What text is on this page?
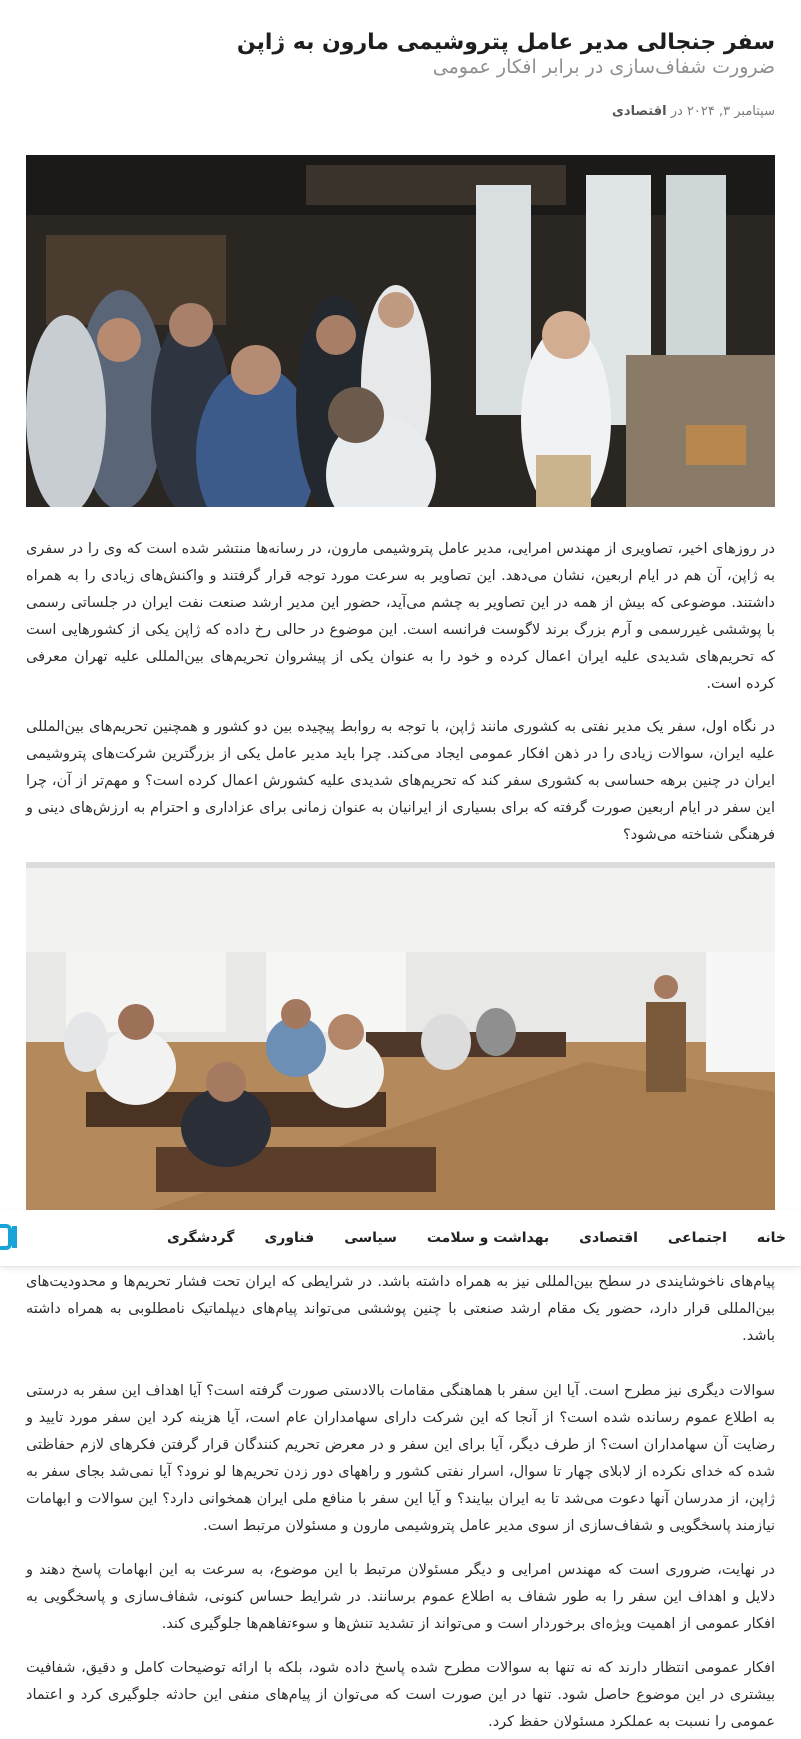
سفر جنجالی مدیر عامل پتروشیمی مارون به ژاپن
ضرورت شفاف‌سازی در برابر افکار عمومی
سپتامبر ۳, ۲۰۲۴ در اقتصادی

در روزهای اخیر، تصاویری از مهندس امرایی، مدیر عامل پتروشیمی مارون، در رسانه‌ها منتشر شده است که وی را در سفری به ژاپن، آن هم در ایام اربعین، نشان می‌دهد. این تصاویر به سرعت مورد توجه قرار گرفتند و واکنش‌های زیادی را به همراه داشتند. موضوعی که بیش از همه در این تصاویر به چشم می‌آید، حضور این مدیر ارشد صنعت نفت ایران در جلساتی رسمی با پوششی غیررسمی و آرم بزرگ برند لاگوست فرانسه است. این موضوع در حالی رخ داده که ژاپن یکی از کشورهایی است که تحریم‌های شدیدی علیه ایران اعمال کرده و خود را به عنوان یکی از پیشروان تحریم‌های بین‌المللی علیه تهران معرفی کرده است.

در نگاه اول، سفر یک مدیر نفتی به کشوری مانند ژاپن، با توجه به روابط پیچیده بین دو کشور و همچنین تحریم‌های بین‌المللی علیه ایران، سوالات زیادی را در ذهن افکار عمومی ایجاد می‌کند. چرا باید مدیر عامل یکی از بزرگترین شرکت‌های پتروشیمی ایران در چنین برهه حساسی به کشوری سفر کند که تحریم‌های شدیدی علیه کشورش اعمال کرده است؟ و مهم‌تر از آن، چرا این سفر در ایام اربعین صورت گرفته که برای بسیاری از ایرانیان به عنوان زمانی برای عزاداری و احترام به ارزش‌های دینی و فرهنگی شناخته می‌شود؟

خانه
اجتماعی
اقتصادی
بهداشت و سلامت
سیاسی
فناوری
گردشگری

پیام‌های ناخوشایندی در سطح بین‌المللی نیز به همراه داشته باشد. در شرایطی که ایران تحت فشار تحریم‌ها و محدودیت‌های بین‌المللی قرار دارد، حضور یک مقام ارشد صنعتی با چنین پوششی می‌تواند پیام‌های دیپلماتیک نامطلوبی به همراه داشته باشد.

سوالات دیگری نیز مطرح است. آیا این سفر با هماهنگی مقامات بالادستی صورت گرفته است؟ آیا اهداف این سفر به درستی به اطلاع عموم رسانده شده است؟ از آنجا که این شرکت دارای سهامداران عام است، آیا هزینه کرد این سفر مورد تایید و رضایت آن سهامداران است؟ از طرف دیگر، آیا برای این سفر و در معرض تحریم کنندگان قرار گرفتن فکرهای لازم حفاظتی شده که خدای نکرده از لابلای چهار تا سوال، اسرار نفتی کشور و راههای دور زدن تحریم‌ها لو نرود؟ آیا نمی‌شد بجای سفر به ژاپن، از مدرسان آنها دعوت می‌شد تا به ایران بیایند؟ و آیا این سفر با منافع ملی ایران همخوانی دارد؟ این سوالات و ابهامات نیازمند پاسخگویی و شفاف‌سازی از سوی مدیر عامل پتروشیمی مارون و مسئولان مرتبط است.

در نهایت، ضروری است که مهندس امرایی و دیگر مسئولان مرتبط با این موضوع، به سرعت به این ابهامات پاسخ دهند و دلایل و اهداف این سفر را به طور شفاف به اطلاع عموم برسانند. در شرایط حساس کنونی، شفاف‌سازی و پاسخگویی به افکار عمومی از اهمیت ویژه‌ای برخوردار است و می‌تواند از تشدید تنش‌ها و سوءتفاهم‌ها جلوگیری کند.

افکار عمومی انتظار دارند که نه تنها به سوالات مطرح شده پاسخ داده شود، بلکه با ارائه توضیحات کامل و دقیق، شفافیت بیشتری در این موضوع حاصل شود. تنها در این صورت است که می‌توان از پیام‌های منفی این حادثه جلوگیری کرد و اعتماد عمومی را نسبت به عملکرد مسئولان حفظ کرد.
